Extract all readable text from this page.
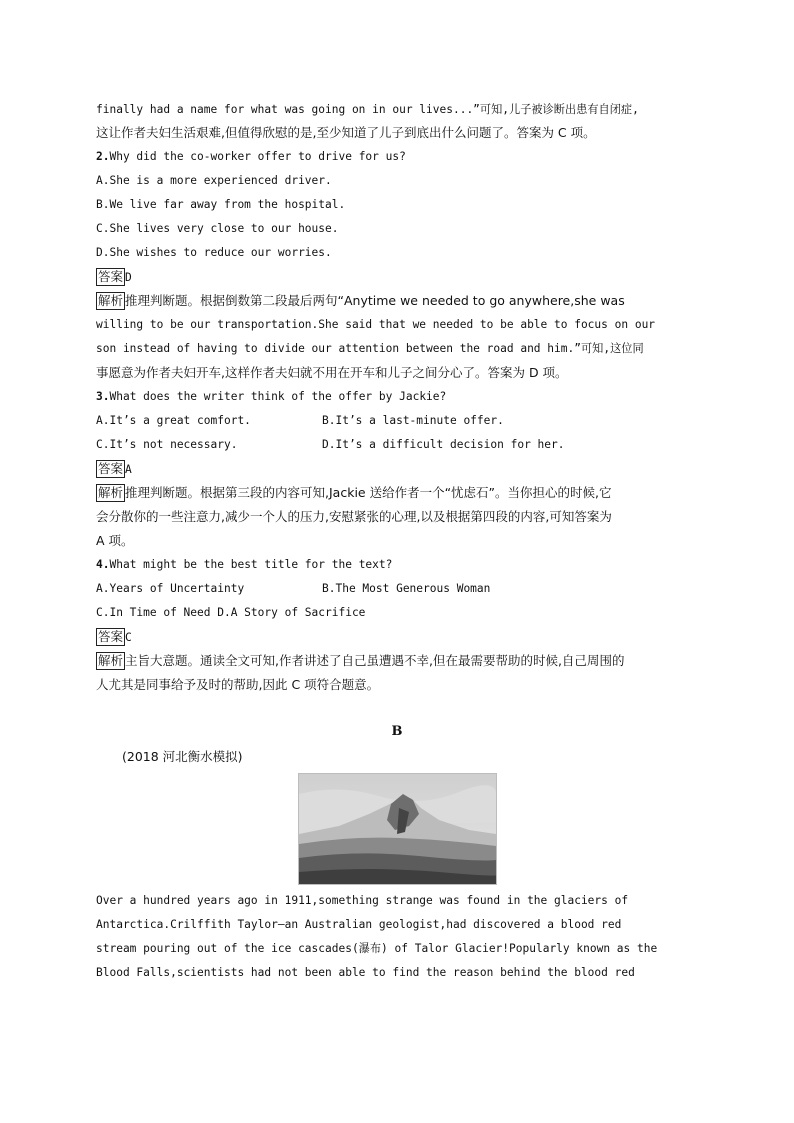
finally had a name for what was going on in our lives...”可知,儿子被诊断出患有自闭症,
这让作者夫妇生活艰难,但值得欣慰的是,至少知道了儿子到底出什么问题了。答案为 C 项。
2.Why did the co-worker offer to drive for us?
A.She is a more experienced driver.
B.We live far away from the hospital.
C.She lives very close to our house.
D.She wishes to reduce our worries.
答案 D
解析 推理判断题。根据倒数第二段最后两句“Anytime we needed to go anywhere,she was
willing to be our transportation.She said that we needed to be able to focus on our
son instead of having to divide our attention between the road and him.”可知,这位同
事愿意为作者夫妇开车,这样作者夫妇就不用在开车和儿子之间分心了。答案为 D 项。
3.What does the writer think of the offer by Jackie?
A.It’s a great comfort.	B.It’s a last-minute offer.
C.It’s not necessary.	D.It’s a difficult decision for her.
答案 A
解析 推理判断题。根据第三段的内容可知,Jackie 送给作者一个“忧虑石”。当你担心的时候,它
会分散你的一些注意力,减少一个人的压力,安慰紧张的心理,以及根据第四段的内容,可知答案为
A 项。
4.What might be the best title for the text?
A.Years of Uncertainty	B.The Most Generous Woman
C.In Time of Need D.A Story of Sacrifice
答案 C
解析 主旨大意题。通读全文可知,作者讲述了自己虽遭遇不幸,但在最需要帮助的时候,自己周围的
人尤其是同事给予及时的帮助,因此 C 项符合题意。
B
(2018 河北衡水模拟)
Over a hundred years ago in 1911,something strange was found in the glaciers of
Antarctica.Crilffith Taylor—an Australian geologist,had discovered a blood red
stream pouring out of the ice cascades(瀑布) of Talor Glacier!Popularly known as the
Blood Falls,scientists had not been able to find the reason behind the blood red
